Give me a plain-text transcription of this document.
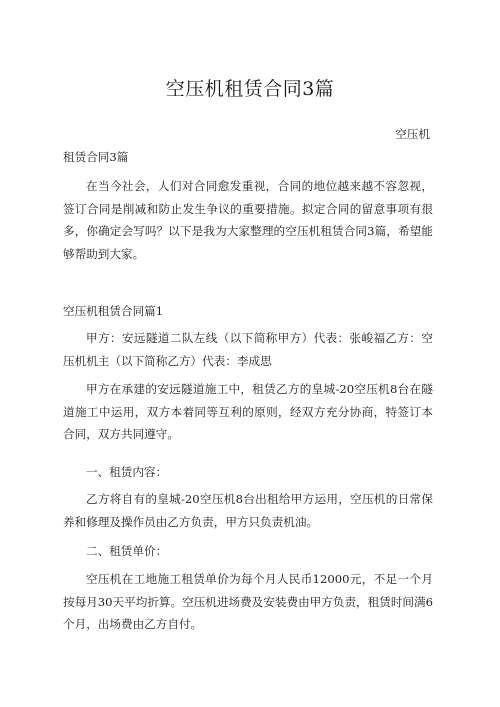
空压机租赁合同3篇
空压机
租赁合同3篇
在当今社会，人们对合同愈发重视，合同的地位越来越不容忽视，签订合同是削减和防止发生争议的重要措施。拟定合同的留意事项有很多，你确定会写吗？以下是我为大家整理的空压机租赁合同3篇，希望能够帮助到大家。
空压机租赁合同篇1
甲方：安远隧道二队左线（以下简称甲方）代表：张峻福乙方：空压机机主（以下简称乙方）代表：李成思
甲方在承建的安远隧道施工中，租赁乙方的皇城-20空压机8台在隧道施工中运用，双方本着同等互利的原则，经双方充分协商，特签订本合同，双方共同遵守。
一、租赁内容：
乙方将自有的皇城-20空压机8台出租给甲方运用，空压机的日常保养和修理及操作员由乙方负责，甲方只负责机油。
二、租赁单价：
空压机在工地施工租赁单价为每个月人民币12000元，不足一个月按每月30天平均折算。空压机进场费及安装费由甲方负责，租赁时间满6个月，出场费由乙方自付。
